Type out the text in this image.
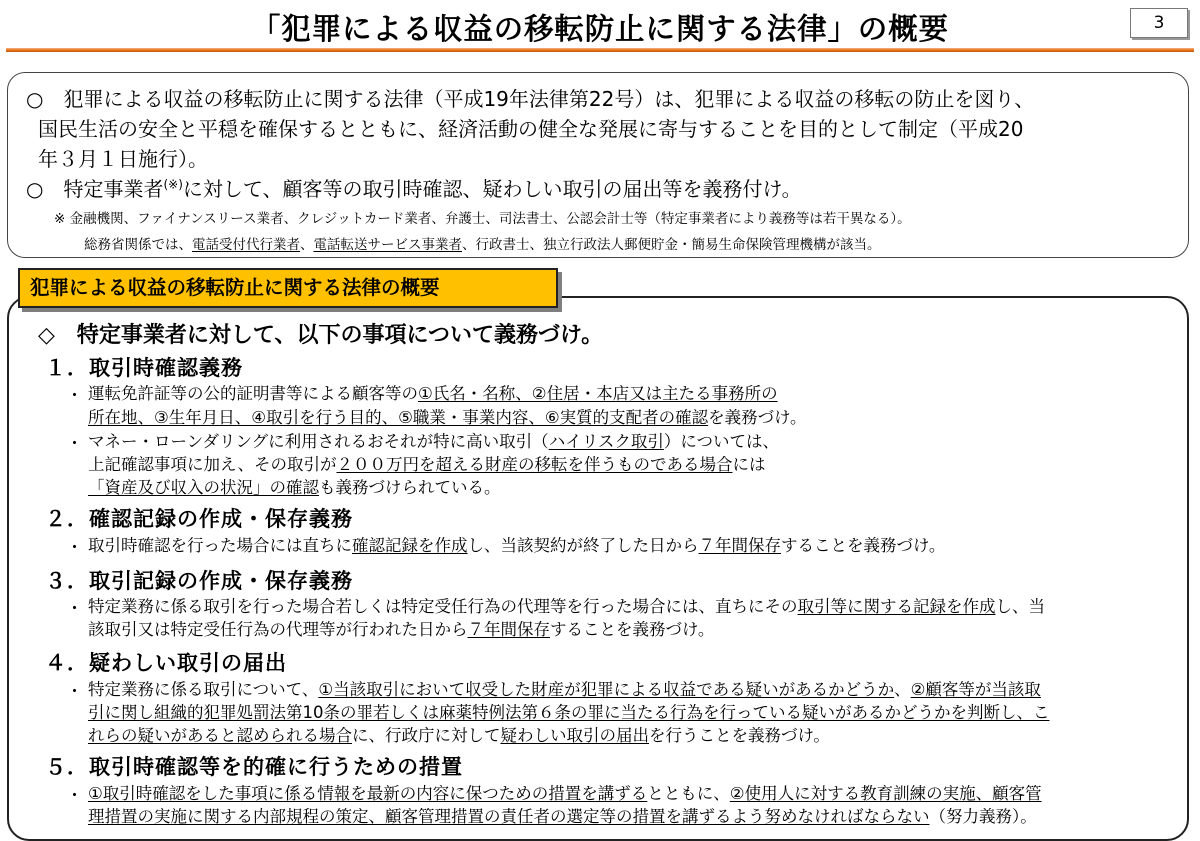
「犯罪による収益の移転防止に関する法律」の概要	3
○　犯罪による収益の移転防止に関する法律（平成19年法律第22号）は、犯罪による収益の移転の防止を図り、
国民生活の安全と平穏を確保するとともに、経済活動の健全な発展に寄与することを目的として制定（平成20
年３月１日施行）。
○　特定事業者(※)に対して、顧客等の取引時確認、疑わしい取引の届出等を義務付け。
※ 金融機関、ファイナンスリース業者、クレジットカード業者、弁護士、司法書士、公認会計士等（特定事業者により義務等は若干異なる）。
総務省関係では、電話受付代行業者、電話転送サービス事業者、行政書士、独立行政法人郵便貯金・簡易生命保険管理機構が該当。
犯罪による収益の移転防止に関する法律の概要
◇　特定事業者に対して、以下の事項について義務づけ。
１．取引時確認義務
・ 運転免許証等の公的証明書等による顧客等の①氏名・名称、②住居・本店又は主たる事務所の
所在地、③生年月日、④取引を行う目的、⑤職業・事業内容、⑥実質的支配者の確認を義務づけ。
・ マネー・ローンダリングに利用されるおそれが特に高い取引（ハイリスク取引）については、
上記確認事項に加え、その取引が２００万円を超える財産の移転を伴うものである場合には
「資産及び収入の状況」の確認も義務づけられている。
２．確認記録の作成・保存義務
・ 取引時確認を行った場合には直ちに確認記録を作成し、当該契約が終了した日から７年間保存することを義務づけ。
３．取引記録の作成・保存義務
・ 特定業務に係る取引を行った場合若しくは特定受任行為の代理等を行った場合には、直ちにその取引等に関する記録を作成し、当
該取引又は特定受任行為の代理等が行われた日から７年間保存することを義務づけ。
４．疑わしい取引の届出
・ 特定業務に係る取引について、①当該取引において収受した財産が犯罪による収益である疑いがあるかどうか、②顧客等が当該取
引に関し組織的犯罪処罰法第10条の罪若しくは麻薬特例法第６条の罪に当たる行為を行っている疑いがあるかどうかを判断し、こ
れらの疑いがあると認められる場合に、行政庁に対して疑わしい取引の届出を行うことを義務づけ。
５．取引時確認等を的確に行うための措置
・ ①取引時確認をした事項に係る情報を最新の内容に保つための措置を講ずるとともに、②使用人に対する教育訓練の実施、顧客管
理措置の実施に関する内部規程の策定、顧客管理措置の責任者の選定等の措置を講ずるよう努めなければならない（努力義務）。
